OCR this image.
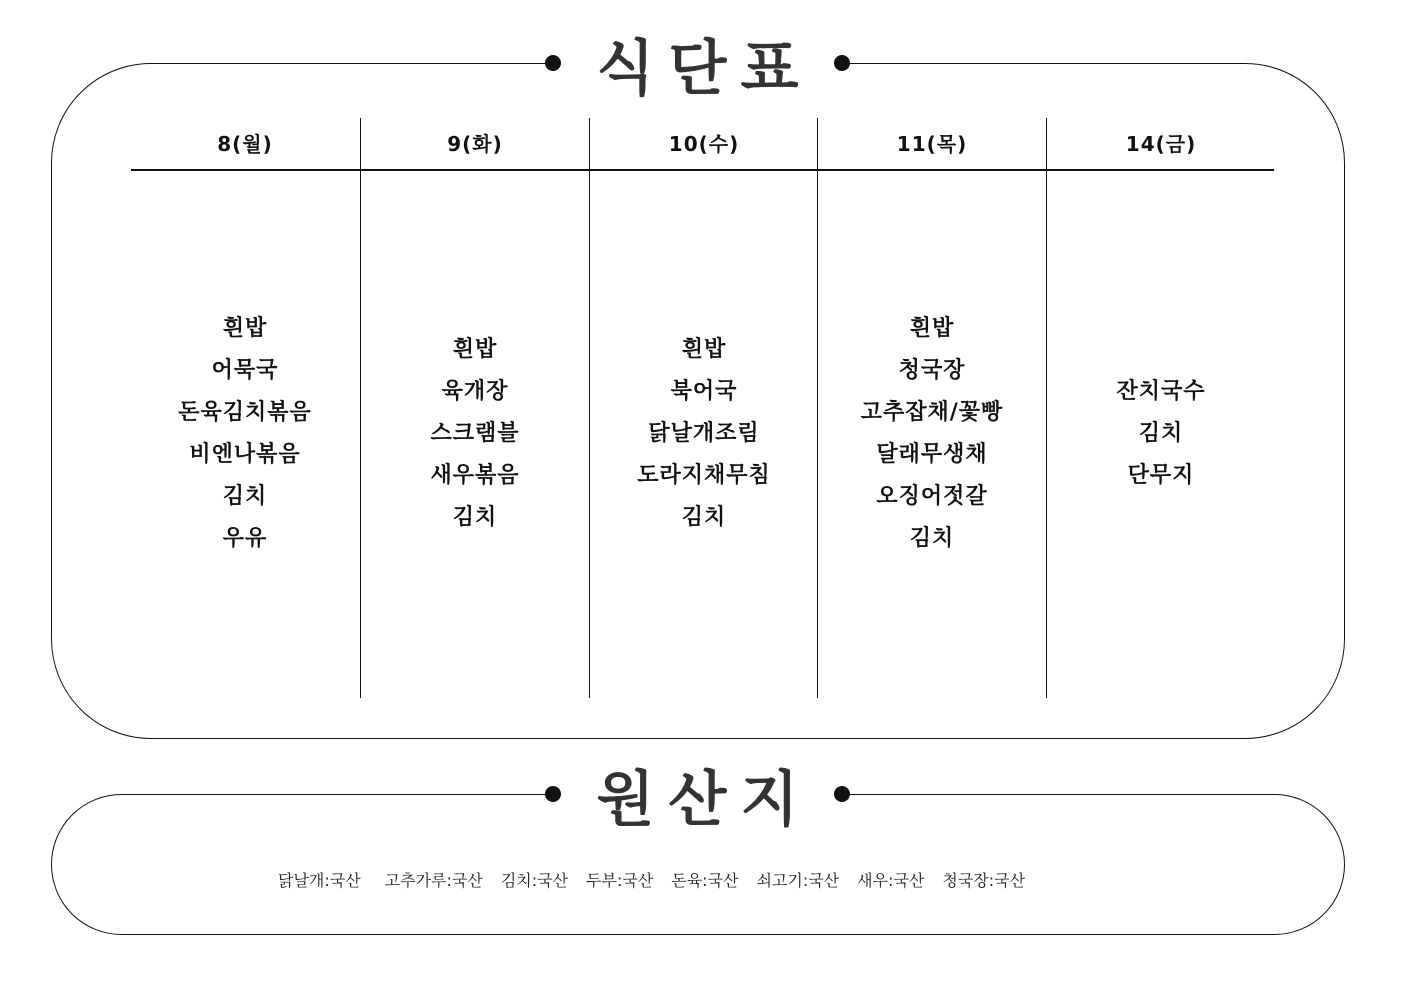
식단표
8(월)
흰밥
어묵국
돈육김치볶음
비엔나볶음
김치
우유
9(화)
흰밥
육개장
스크램블
새우볶음
김치
10(수)
흰밥
북어국
닭날개조림
도라지채무침
김치
11(목)
흰밥
청국장
고추잡채/꽃빵
달래무생채
오징어젓갈
김치
14(금)
잔치국수
김치
단무지
원산지
닭날개:국산 고추가루:국산 김치:국산 두부:국산 돈육:국산 쇠고기:국산 새우:국산 청국장:국산
